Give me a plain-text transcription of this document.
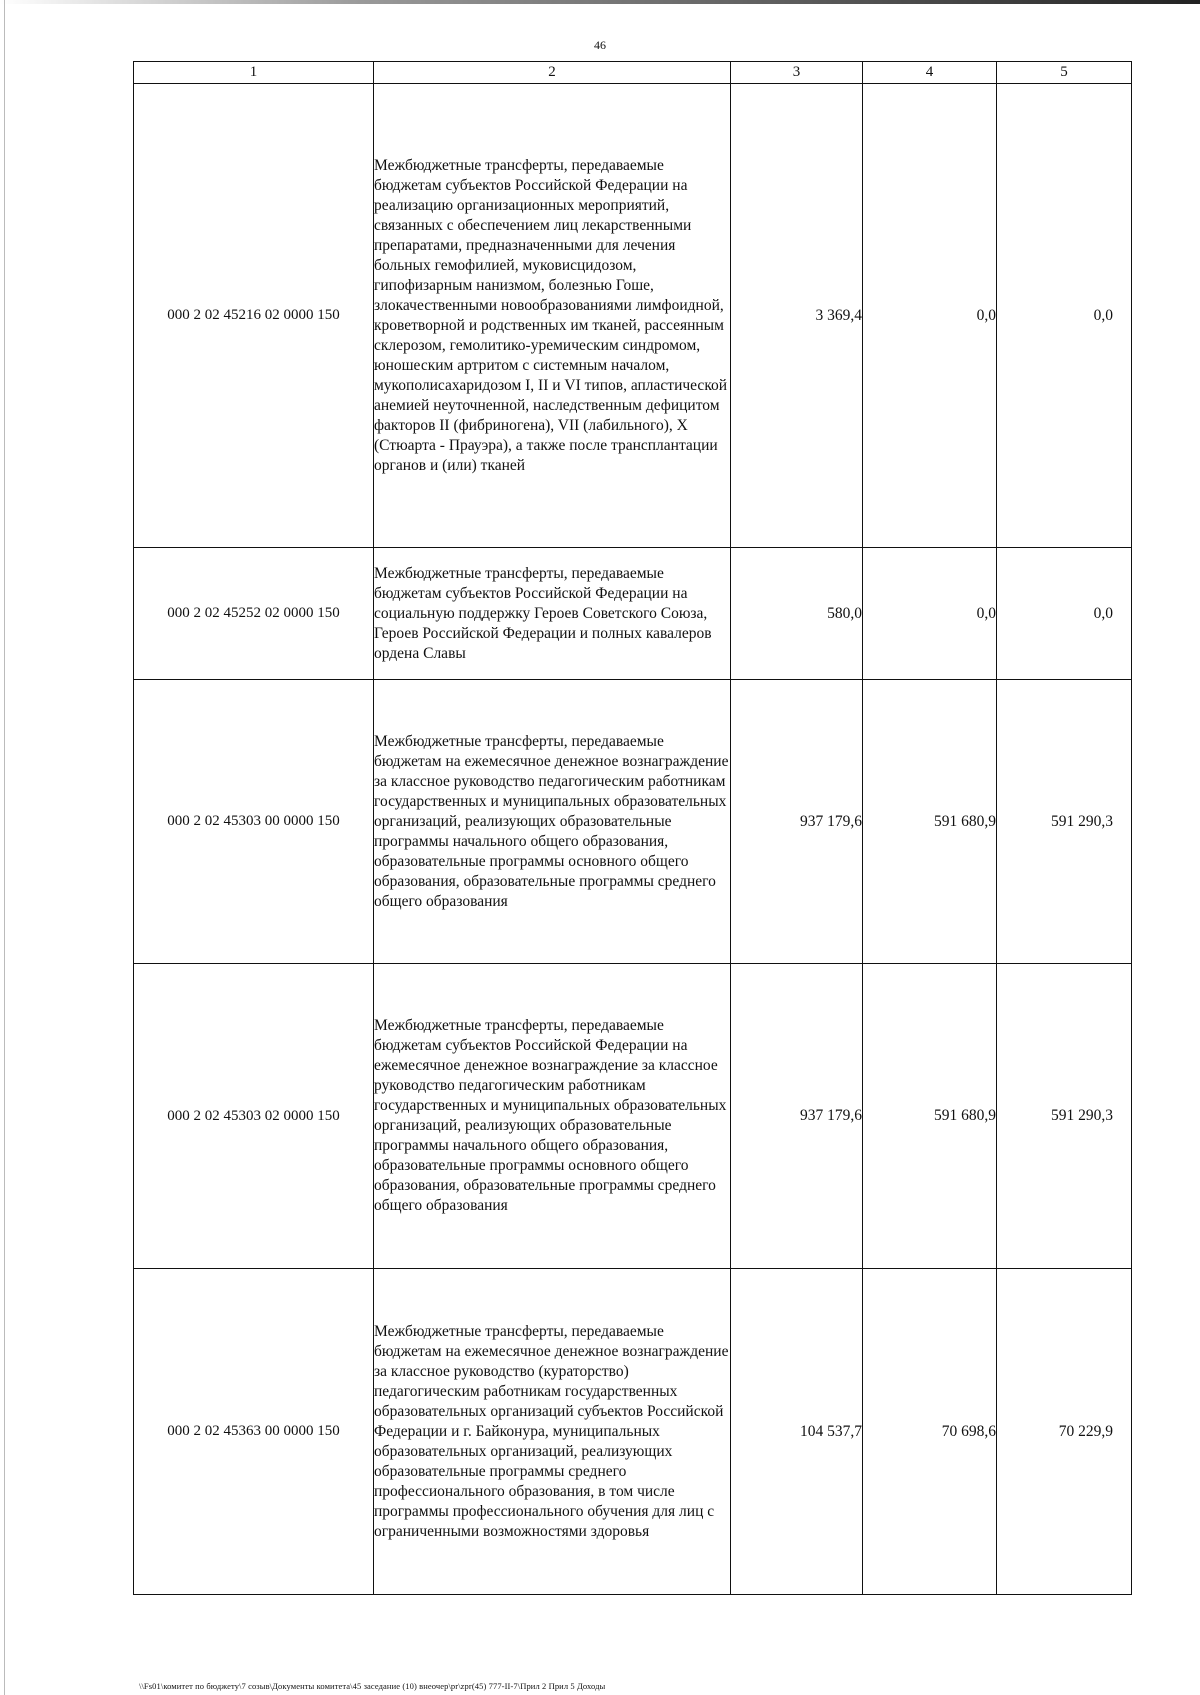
46
1	2	3	4	5
000 2 02 45216 02 0000 150	Межбюджетные трансферты, передаваемые бюджетам субъектов Российской Федерации на реализацию организационных мероприятий, связанных с обеспечением лиц лекарственными препаратами, предназначенными для лечения больных гемофилией, муковисцидозом, гипофизарным нанизмом, болезнью Гоше, злокачественными новообразованиями лимфоидной, кроветворной и родственных им тканей, рассеянным склерозом, гемолитико-уремическим синдромом, юношеским артритом с системным началом, мукополисахаридозом I, II и VI типов, апластической анемией неуточненной, наследственным дефицитом факторов II (фибриногена), VII (лабильного), X (Стюарта - Прауэра), а также после трансплантации органов и (или) тканей	3 369,4	0,0	0,0
000 2 02 45252 02 0000 150	Межбюджетные трансферты, передаваемые бюджетам субъектов Российской Федерации на социальную поддержку Героев Советского Союза, Героев Российской Федерации и полных кавалеров ордена Славы	580,0	0,0	0,0
000 2 02 45303 00 0000 150	Межбюджетные трансферты, передаваемые бюджетам на ежемесячное денежное вознаграждение за классное руководство педагогическим работникам государственных и муниципальных образовательных организаций, реализующих образовательные программы начального общего образования, образовательные программы основного общего образования, образовательные программы среднего общего образования	937 179,6	591 680,9	591 290,3
000 2 02 45303 02 0000 150	Межбюджетные трансферты, передаваемые бюджетам субъектов Российской Федерации на ежемесячное денежное вознаграждение за классное руководство педагогическим работникам государственных и муниципальных образовательных организаций, реализующих образовательные программы начального общего образования, образовательные программы основного общего образования, образовательные программы среднего общего образования	937 179,6	591 680,9	591 290,3
000 2 02 45363 00 0000 150	Межбюджетные трансферты, передаваемые бюджетам на ежемесячное денежное вознаграждение за классное руководство (кураторство) педагогическим работникам государственных образовательных организаций субъектов Российской Федерации и г. Байконура, муниципальных образовательных организаций, реализующих образовательные программы среднего профессионального образования, в том числе программы профессионального обучения для лиц с ограниченными возможностями здоровья	104 537,7	70 698,6	70 229,9
\\Fs01\комитет по бюджету\7 созыв\Документы комитета\45 заседание (10) внеочер\pr\zpr(45) 777-II-7\Прил 2 Прил 5 Доходы
